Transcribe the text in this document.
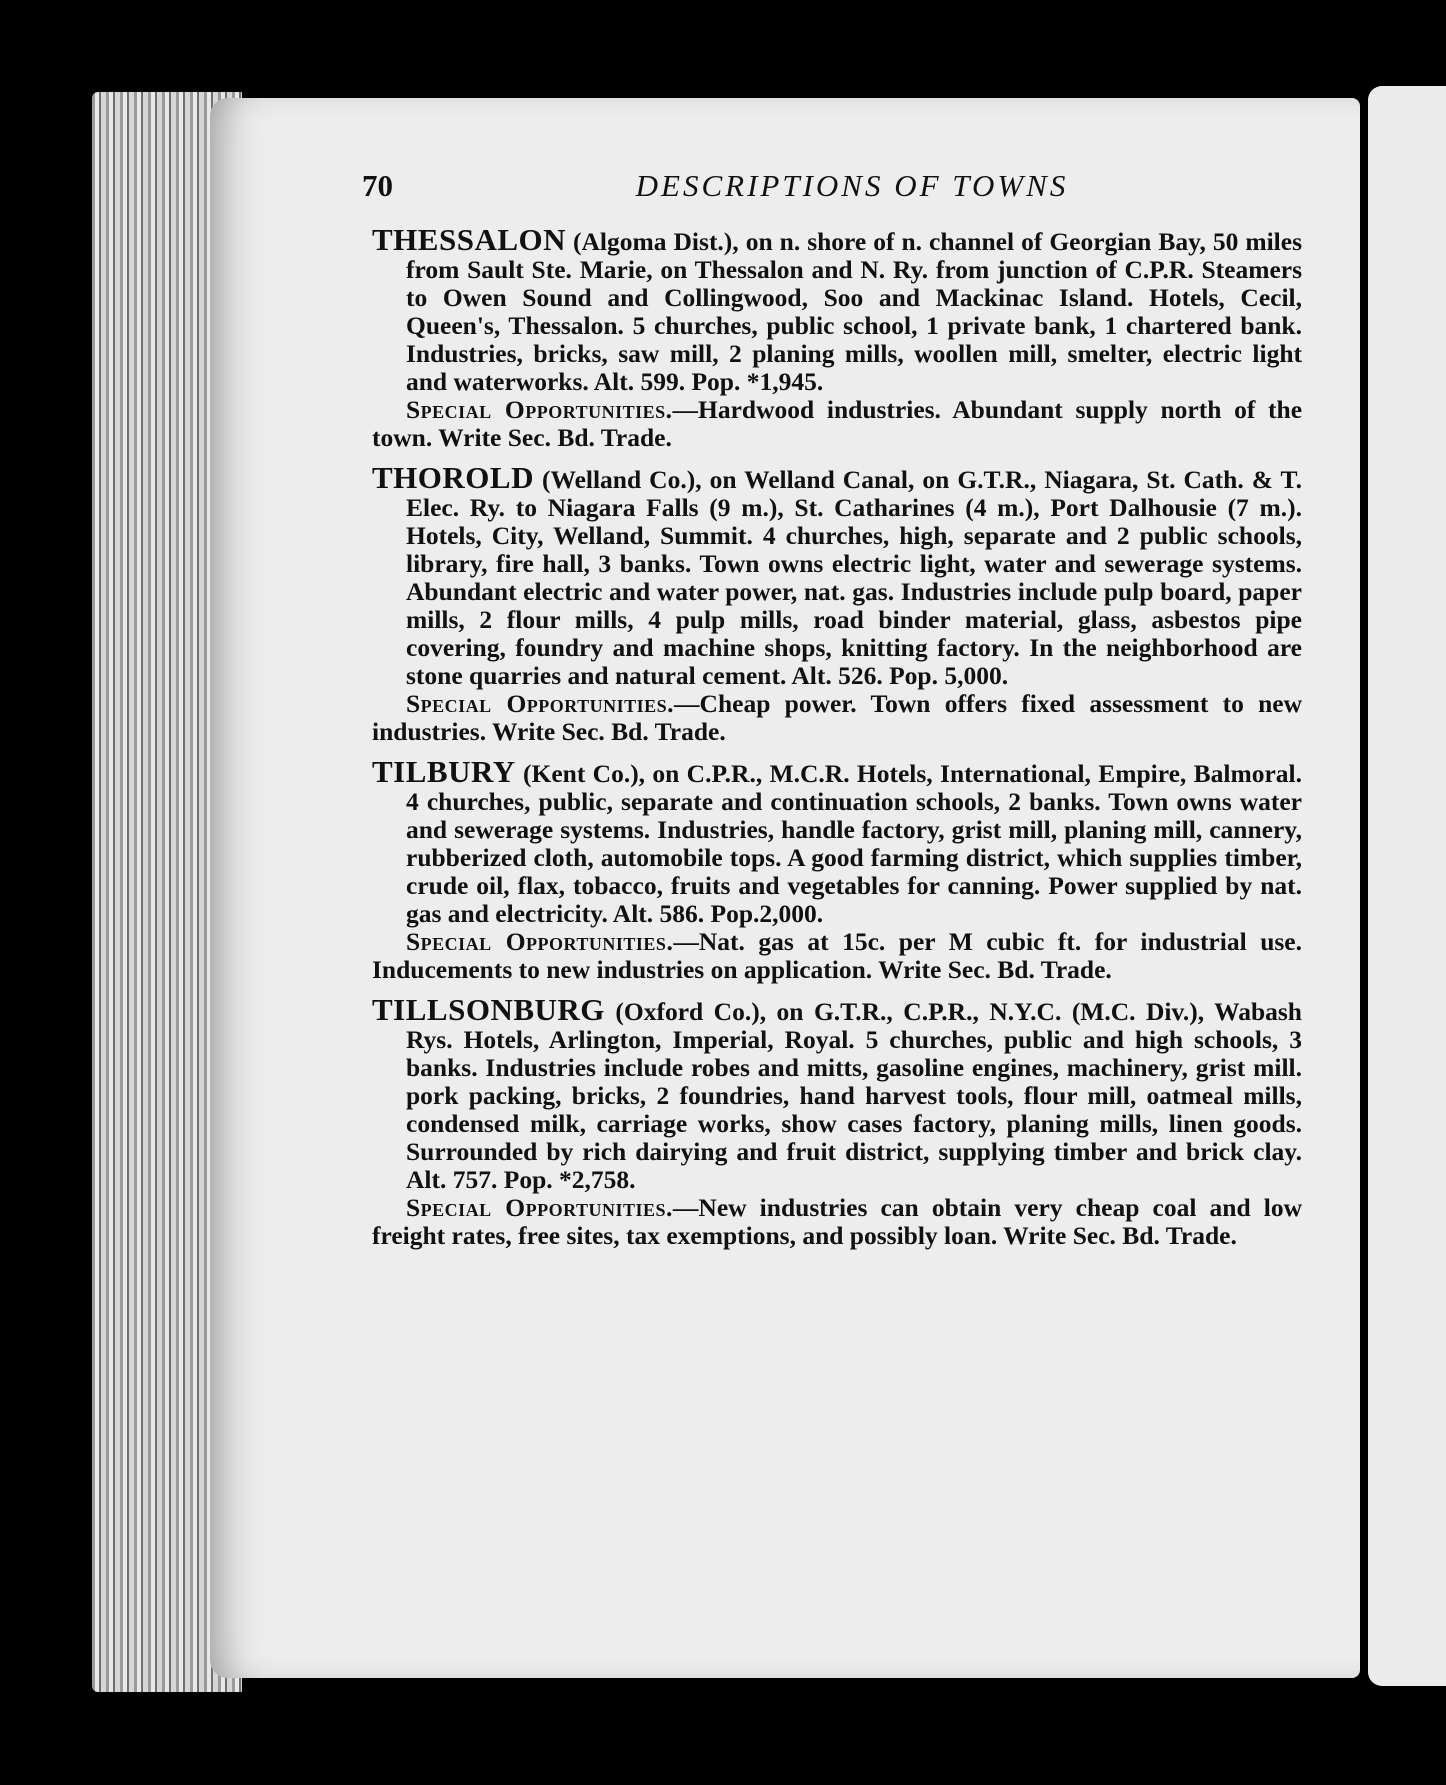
70	DESCRIPTIONS OF TOWNS
THESSALON (Algoma Dist.), on n. shore of n. channel of Georgian Bay, 50 miles from Sault Ste. Marie, on Thessalon and N. Ry. from junction of C.P.R. Steamers to Owen Sound and Collingwood, Soo and Mackinac Island. Hotels, Cecil, Queen's, Thessalon. 5 churches, public school, 1 private bank, 1 chartered bank. Industries, bricks, saw mill, 2 planing mills, woollen mill, smelter, electric light and waterworks. Alt. 599. Pop. *1,945.
Special Opportunities.—Hardwood industries. Abundant supply north of the town. Write Sec. Bd. Trade.
THOROLD (Welland Co.), on Welland Canal, on G.T.R., Niagara, St. Cath. & T. Elec. Ry. to Niagara Falls (9 m.), St. Catharines (4 m.), Port Dalhousie (7 m.). Hotels, City, Welland, Summit. 4 churches, high, separate and 2 public schools, library, fire hall, 3 banks. Town owns electric light, water and sewerage systems. Abundant electric and water power, nat. gas. Industries include pulp board, paper mills, 2 flour mills, 4 pulp mills, road binder material, glass, asbestos pipe covering, foundry and machine shops, knitting factory. In the neighborhood are stone quarries and natural cement. Alt. 526. Pop. 5,000.
Special Opportunities.—Cheap power. Town offers fixed assessment to new industries. Write Sec. Bd. Trade.
TILBURY (Kent Co.), on C.P.R., M.C.R. Hotels, International, Empire, Balmoral. 4 churches, public, separate and continuation schools, 2 banks. Town owns water and sewerage systems. Industries, handle factory, grist mill, planing mill, cannery, rubberized cloth, automobile tops. A good farming district, which supplies timber, crude oil, flax, tobacco, fruits and vegetables for canning. Power supplied by nat. gas and electricity. Alt. 586. Pop.2,000.
Special Opportunities.—Nat. gas at 15c. per M cubic ft. for industrial use. Inducements to new industries on application. Write Sec. Bd. Trade.
TILLSONBURG (Oxford Co.), on G.T.R., C.P.R., N.Y.C. (M.C. Div.), Wabash Rys. Hotels, Arlington, Imperial, Royal. 5 churches, public and high schools, 3 banks. Industries include robes and mitts, gasoline engines, machinery, grist mill. pork packing, bricks, 2 foundries, hand harvest tools, flour mill, oatmeal mills, condensed milk, carriage works, show cases factory, planing mills, linen goods. Surrounded by rich dairying and fruit district, supplying timber and brick clay. Alt. 757. Pop. *2,758.
Special Opportunities.—New industries can obtain very cheap coal and low freight rates, free sites, tax exemptions, and possibly loan. Write Sec. Bd. Trade.
